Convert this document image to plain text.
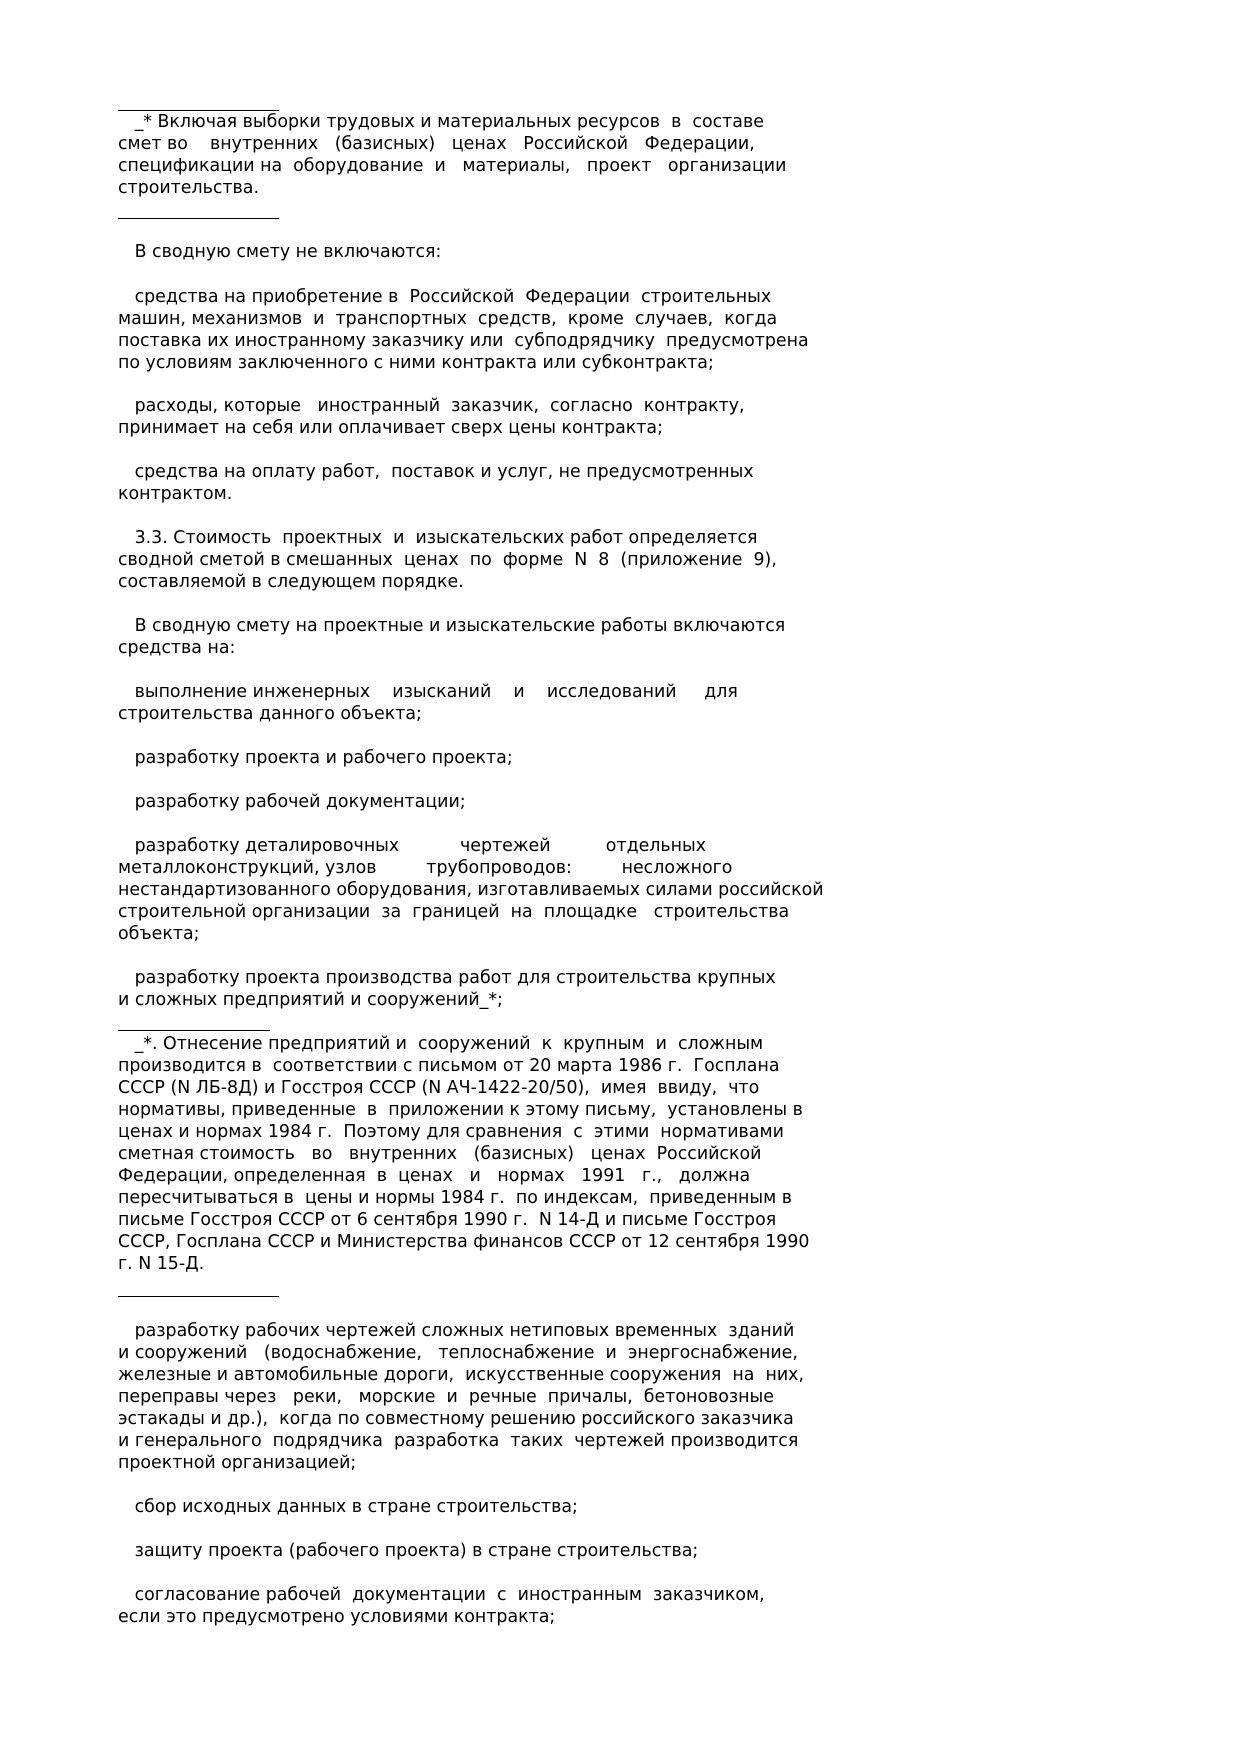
_* Включая выборки трудовых и материальных ресурсов  в  составе
смет во    внутренних   (базисных)   ценах   Российской   Федерации,
спецификации на  оборудование  и   материалы,   проект   организации
строительства.
В сводную смету не включаются:
средства на приобретение в  Российской  Федерации  строительных
машин, механизмов  и  транспортных  средств,  кроме  случаев,  когда
поставка их иностранному заказчику или  субподрядчику  предусмотрена
по условиям заключенного с ними контракта или субконтракта;
расходы, которые   иностранный  заказчик,  согласно  контракту,
принимает на себя или оплачивает сверх цены контракта;
средства на оплату работ,  поставок и услуг, не предусмотренных
контрактом.
3.3. Стоимость  проектных  и  изыскательских работ определяется
сводной сметой в смешанных  ценах  по  форме  N  8  (приложение  9),
составляемой в следующем порядке.
В сводную смету на проектные и изыскательские работы включаются
средства на:
выполнение инженерных    изысканий    и    исследований     для
строительства данного объекта;
разработку проекта и рабочего проекта;
разработку рабочей документации;
разработку деталировочных           чертежей          отдельных
металлоконструкций, узлов         трубопроводов:         несложного
нестандартизованного оборудования, изготавливаемых силами российской
строительной организации  за  границей  на  площадке   строительства
объекта;
разработку проекта производства работ для строительства крупных
и сложных предприятий и сооружений_*;
_*. Отнесение предприятий и  сооружений  к  крупным  и  сложным
производится в  соответствии с письмом от 20 марта 1986 г.  Госплана
СССР (N ЛБ-8Д) и Госстроя СССР (N АЧ-1422-20/50),  имея  ввиду,  что
нормативы, приведенные  в  приложении к этому письму,  установлены в
ценах и нормах 1984 г.  Поэтому для сравнения  с  этими  нормативами
сметная стоимость   во   внутренних   (базисных)   ценах  Российской
Федерации, определенная  в  ценах   и   нормах   1991   г.,   должна
пересчитываться в  цены и нормы 1984 г.  по индексам,  приведенным в
письме Госстроя СССР от 6 сентября 1990 г.  N 14-Д и письме Госстроя
СССР, Госплана СССР и Министерства финансов СССР от 12 сентября 1990
г. N 15-Д.
разработку рабочих чертежей сложных нетиповых временных  зданий
и сооружений   (водоснабжение,   теплоснабжение  и  энергоснабжение,
железные и автомобильные дороги,  искусственные сооружения  на  них,
переправы через   реки,   морские  и  речные  причалы,  бетоновозные
эстакады и др.),  когда по совместному решению российского заказчика
и генерального  подрядчика  разработка  таких  чертежей производится
проектной организацией;
сбор исходных данных в стране строительства;
защиту проекта (рабочего проекта) в стране строительства;
согласование рабочей  документации  с  иностранным  заказчиком,
если это предусмотрено условиями контракта;
